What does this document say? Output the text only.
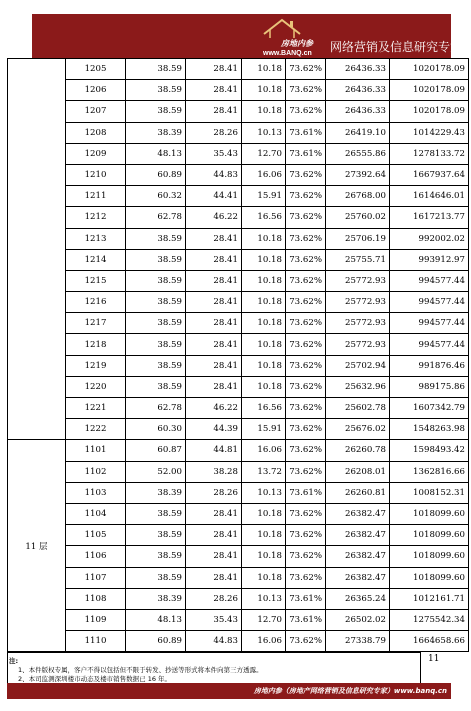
房地内参
www.BANQ.cn 网络营销及信息研究专家
	1205	38.59	28.41	10.18	73.62%	26436.33	1020178.09
	1206	38.59	28.41	10.18	73.62%	26436.33	1020178.09
	1207	38.59	28.41	10.18	73.62%	26436.33	1020178.09
	1208	38.39	28.26	10.13	73.61%	26419.10	1014229.43
	1209	48.13	35.43	12.70	73.61%	26555.86	1278133.72
	1210	60.89	44.83	16.06	73.62%	27392.64	1667937.64
	1211	60.32	44.41	15.91	73.62%	26768.00	1614646.01
	1212	62.78	46.22	16.56	73.62%	25760.02	1617213.77
	1213	38.59	28.41	10.18	73.62%	25706.19	992002.02
	1214	38.59	28.41	10.18	73.62%	25755.71	993912.97
	1215	38.59	28.41	10.18	73.62%	25772.93	994577.44
	1216	38.59	28.41	10.18	73.62%	25772.93	994577.44
	1217	38.59	28.41	10.18	73.62%	25772.93	994577.44
	1218	38.59	28.41	10.18	73.62%	25772.93	994577.44
	1219	38.59	28.41	10.18	73.62%	25702.94	991876.46
	1220	38.59	28.41	10.18	73.62%	25632.96	989175.86
	1221	62.78	46.22	16.56	73.62%	25602.78	1607342.79
	1222	60.30	44.39	15.91	73.62%	25676.02	1548263.98
11 层	1101	60.87	44.81	16.06	73.62%	26260.78	1598493.42
	1102	52.00	38.28	13.72	73.62%	26208.01	1362816.66
	1103	38.39	28.26	10.13	73.61%	26260.81	1008152.31
	1104	38.59	28.41	10.18	73.62%	26382.47	1018099.60
	1105	38.59	28.41	10.18	73.62%	26382.47	1018099.60
	1106	38.59	28.41	10.18	73.62%	26382.47	1018099.60
	1107	38.59	28.41	10.18	73.62%	26382.47	1018099.60
	1108	38.39	28.26	10.13	73.61%	26365.24	1012161.71
	1109	48.13	35.43	12.70	73.61%	26502.02	1275542.34
	1110	60.89	44.83	16.06	73.62%	27338.79	1664658.66
注:
1、本件版权专属，客户不得以包括但不限于转发、抄送等形式将本件向第三方透露。
2、本司监测深圳楼市动态及楼市销售数据已 16 年。
11
房地内参（房地产网络营销及信息研究专家）www.banq.cn
